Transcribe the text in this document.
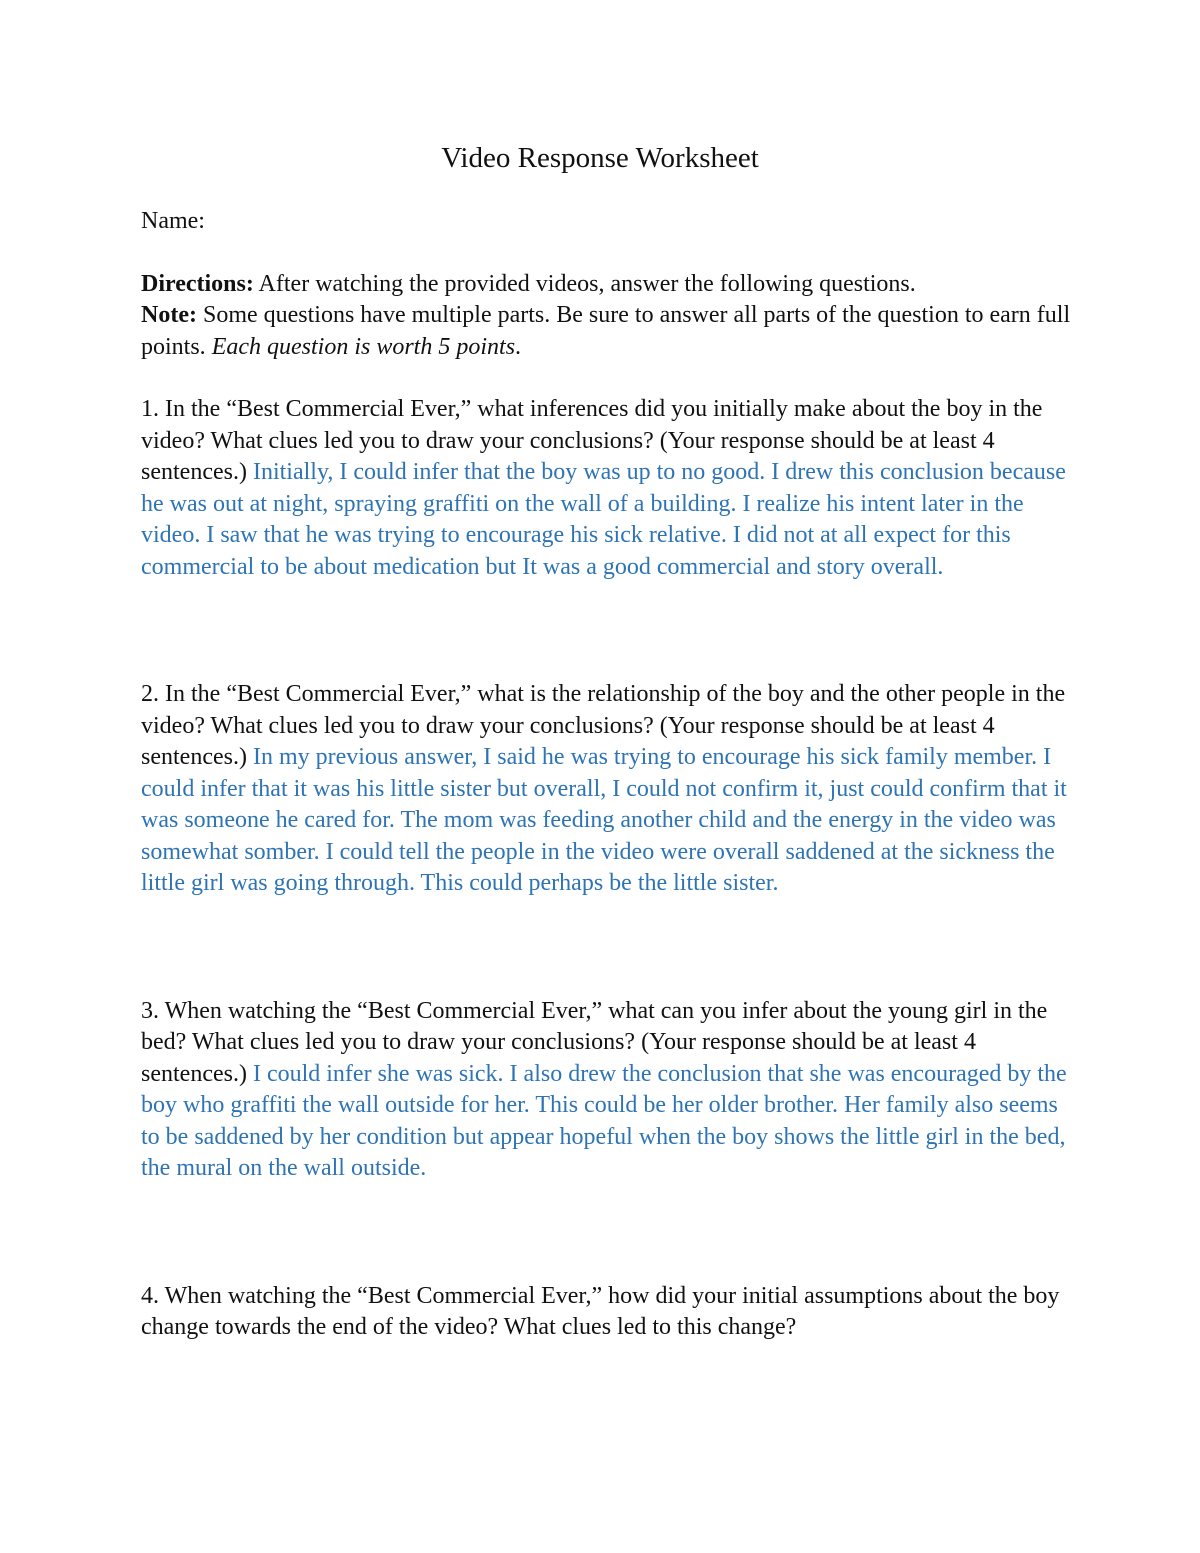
Video Response Worksheet

Name:

Directions: After watching the provided videos, answer the following questions.
Note: Some questions have multiple parts. Be sure to answer all parts of the question to earn full points. Each question is worth 5 points.

1. In the “Best Commercial Ever,” what inferences did you initially make about the boy in the video? What clues led you to draw your conclusions? (Your response should be at least 4 sentences.) Initially, I could infer that the boy was up to no good. I drew this conclusion because he was out at night, spraying graffiti on the wall of a building. I realize his intent later in the video. I saw that he was trying to encourage his sick relative. I did not at all expect for this commercial to be about medication but It was a good commercial and story overall.

2. In the “Best Commercial Ever,” what is the relationship of the boy and the other people in the video? What clues led you to draw your conclusions? (Your response should be at least 4 sentences.) In my previous answer, I said he was trying to encourage his sick family member. I could infer that it was his little sister but overall, I could not confirm it, just could confirm that it was someone he cared for. The mom was feeding another child and the energy in the video was somewhat somber. I could tell the people in the video were overall saddened at the sickness the little girl was going through. This could perhaps be the little sister.

3. When watching the “Best Commercial Ever,” what can you infer about the young girl in the bed? What clues led you to draw your conclusions? (Your response should be at least 4 sentences.) I could infer she was sick. I also drew the conclusion that she was encouraged by the boy who graffiti the wall outside for her. This could be her older brother. Her family also seems to be saddened by her condition but appear hopeful when the boy shows the little girl in the bed, the mural on the wall outside.

4. When watching the “Best Commercial Ever,” how did your initial assumptions about the boy change towards the end of the video? What clues led to this change?
